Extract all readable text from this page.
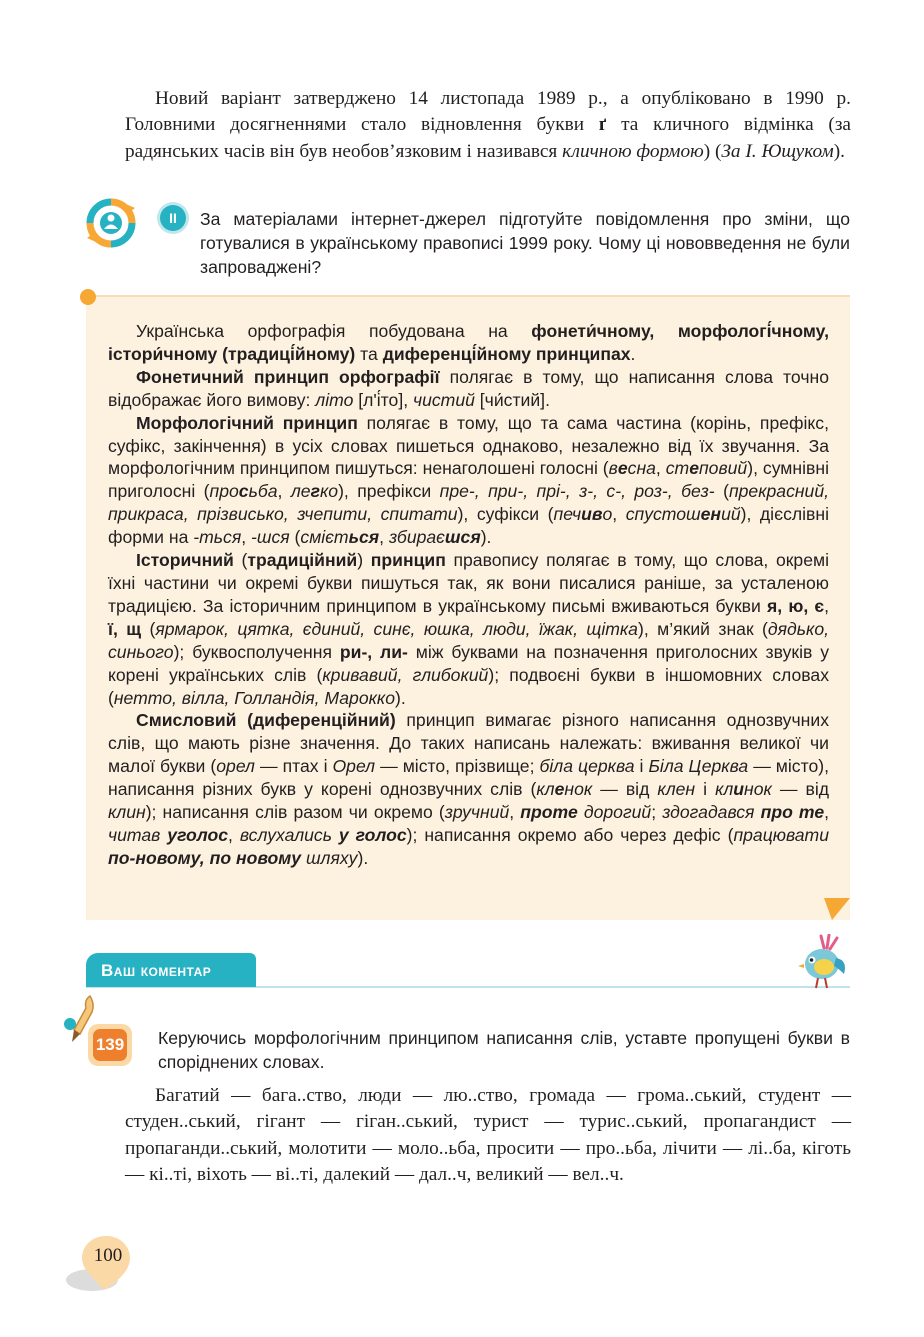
Новий варіант затверджено 14 листопада 1989 р., а опубліковано в 1990 р. Головними досягненнями стало відновлення букви ґ та кличного відмінка (за радянських часів він був необов’язковим і називався кличною формою) (За І. Ющуком).

ІІ	За матеріалами інтернет-джерел підготуйте повідомлення про зміни, що готувалися в українському правописі 1999 року. Чому ці нововведення не були запроваджені?

Українська орфографія побудована на фонети́чному, морфологі́чному, істори́чному (традиці́йному) та диференці́йному принципах.

Фонетичний принцип орфографії полягає в тому, що написання слова точно відображає його вимову: літо [л'і́то], чистий [чи́стий].

Морфологічний принцип полягає в тому, що та сама частина (корінь, префікс, суфікс, закінчення) в усіх словах пишеться однаково, незалежно від їх звучання. За морфологічним принципом пишуться: ненаголошені голосні (весна, степовий), сумнівні приголосні (просьба, легко), префікси пре-, при-, прі-, з-, с-, роз-, без- (прекрасний, прикраса, прізвисько, зчепити, спитати), суфікси (печиво, спустошений), дієслівні форми на -ться, -шся (сміється, збираєшся).

Історичний (традиційний) принцип правопису полягає в тому, що слова, окремі їхні частини чи окремі букви пишуться так, як вони писалися раніше, за усталеною традицією. За історичним принципом в українському письмі вживаються букви я, ю, є, ї, щ (ярмарок, цятка, єдиний, синє, юшка, люди, їжак, щітка), м’який знак (дядько, синього); буквосполучення ри-, ли- між буквами на позначення приголосних звуків у корені українських слів (кривавий, глибокий); подвоєні букви в іншомовних словах (нетто, вілла, Голландія, Марокко).

Смисловий (диференційний) принцип вимагає різного написання однозвучних слів, що мають різне значення. До таких написань належать: вживання великої чи малої букви (орел — птах і Орел — місто, прізвище; біла церква і Біла Церква — місто), написання різних букв у корені однозвучних слів (кленок — від клен і клинок — від клин); написання слів разом чи окремо (зручний, проте дорогий; здогадався про те, читав уголос, вслухались у голос); написання окремо або через дефіс (працювати по-новому, по новому шляху).

Ваш коментар
139 Керуючись морфологічним принципом написання слів, уставте пропущені букви в споріднених словах.

Багатий — бага..ство, люди — лю..ство, громада — грома..ський, студент — студен..ський, гігант — гіган..ський, турист — турис..ський, пропагандист — пропаганди..ський, молотити — моло..ьба, просити — про..ьба, лічити — лі..ба, кіготь — кі..ті, віхоть — ві..ті, далекий — дал..ч, великий — вел..ч.

100
